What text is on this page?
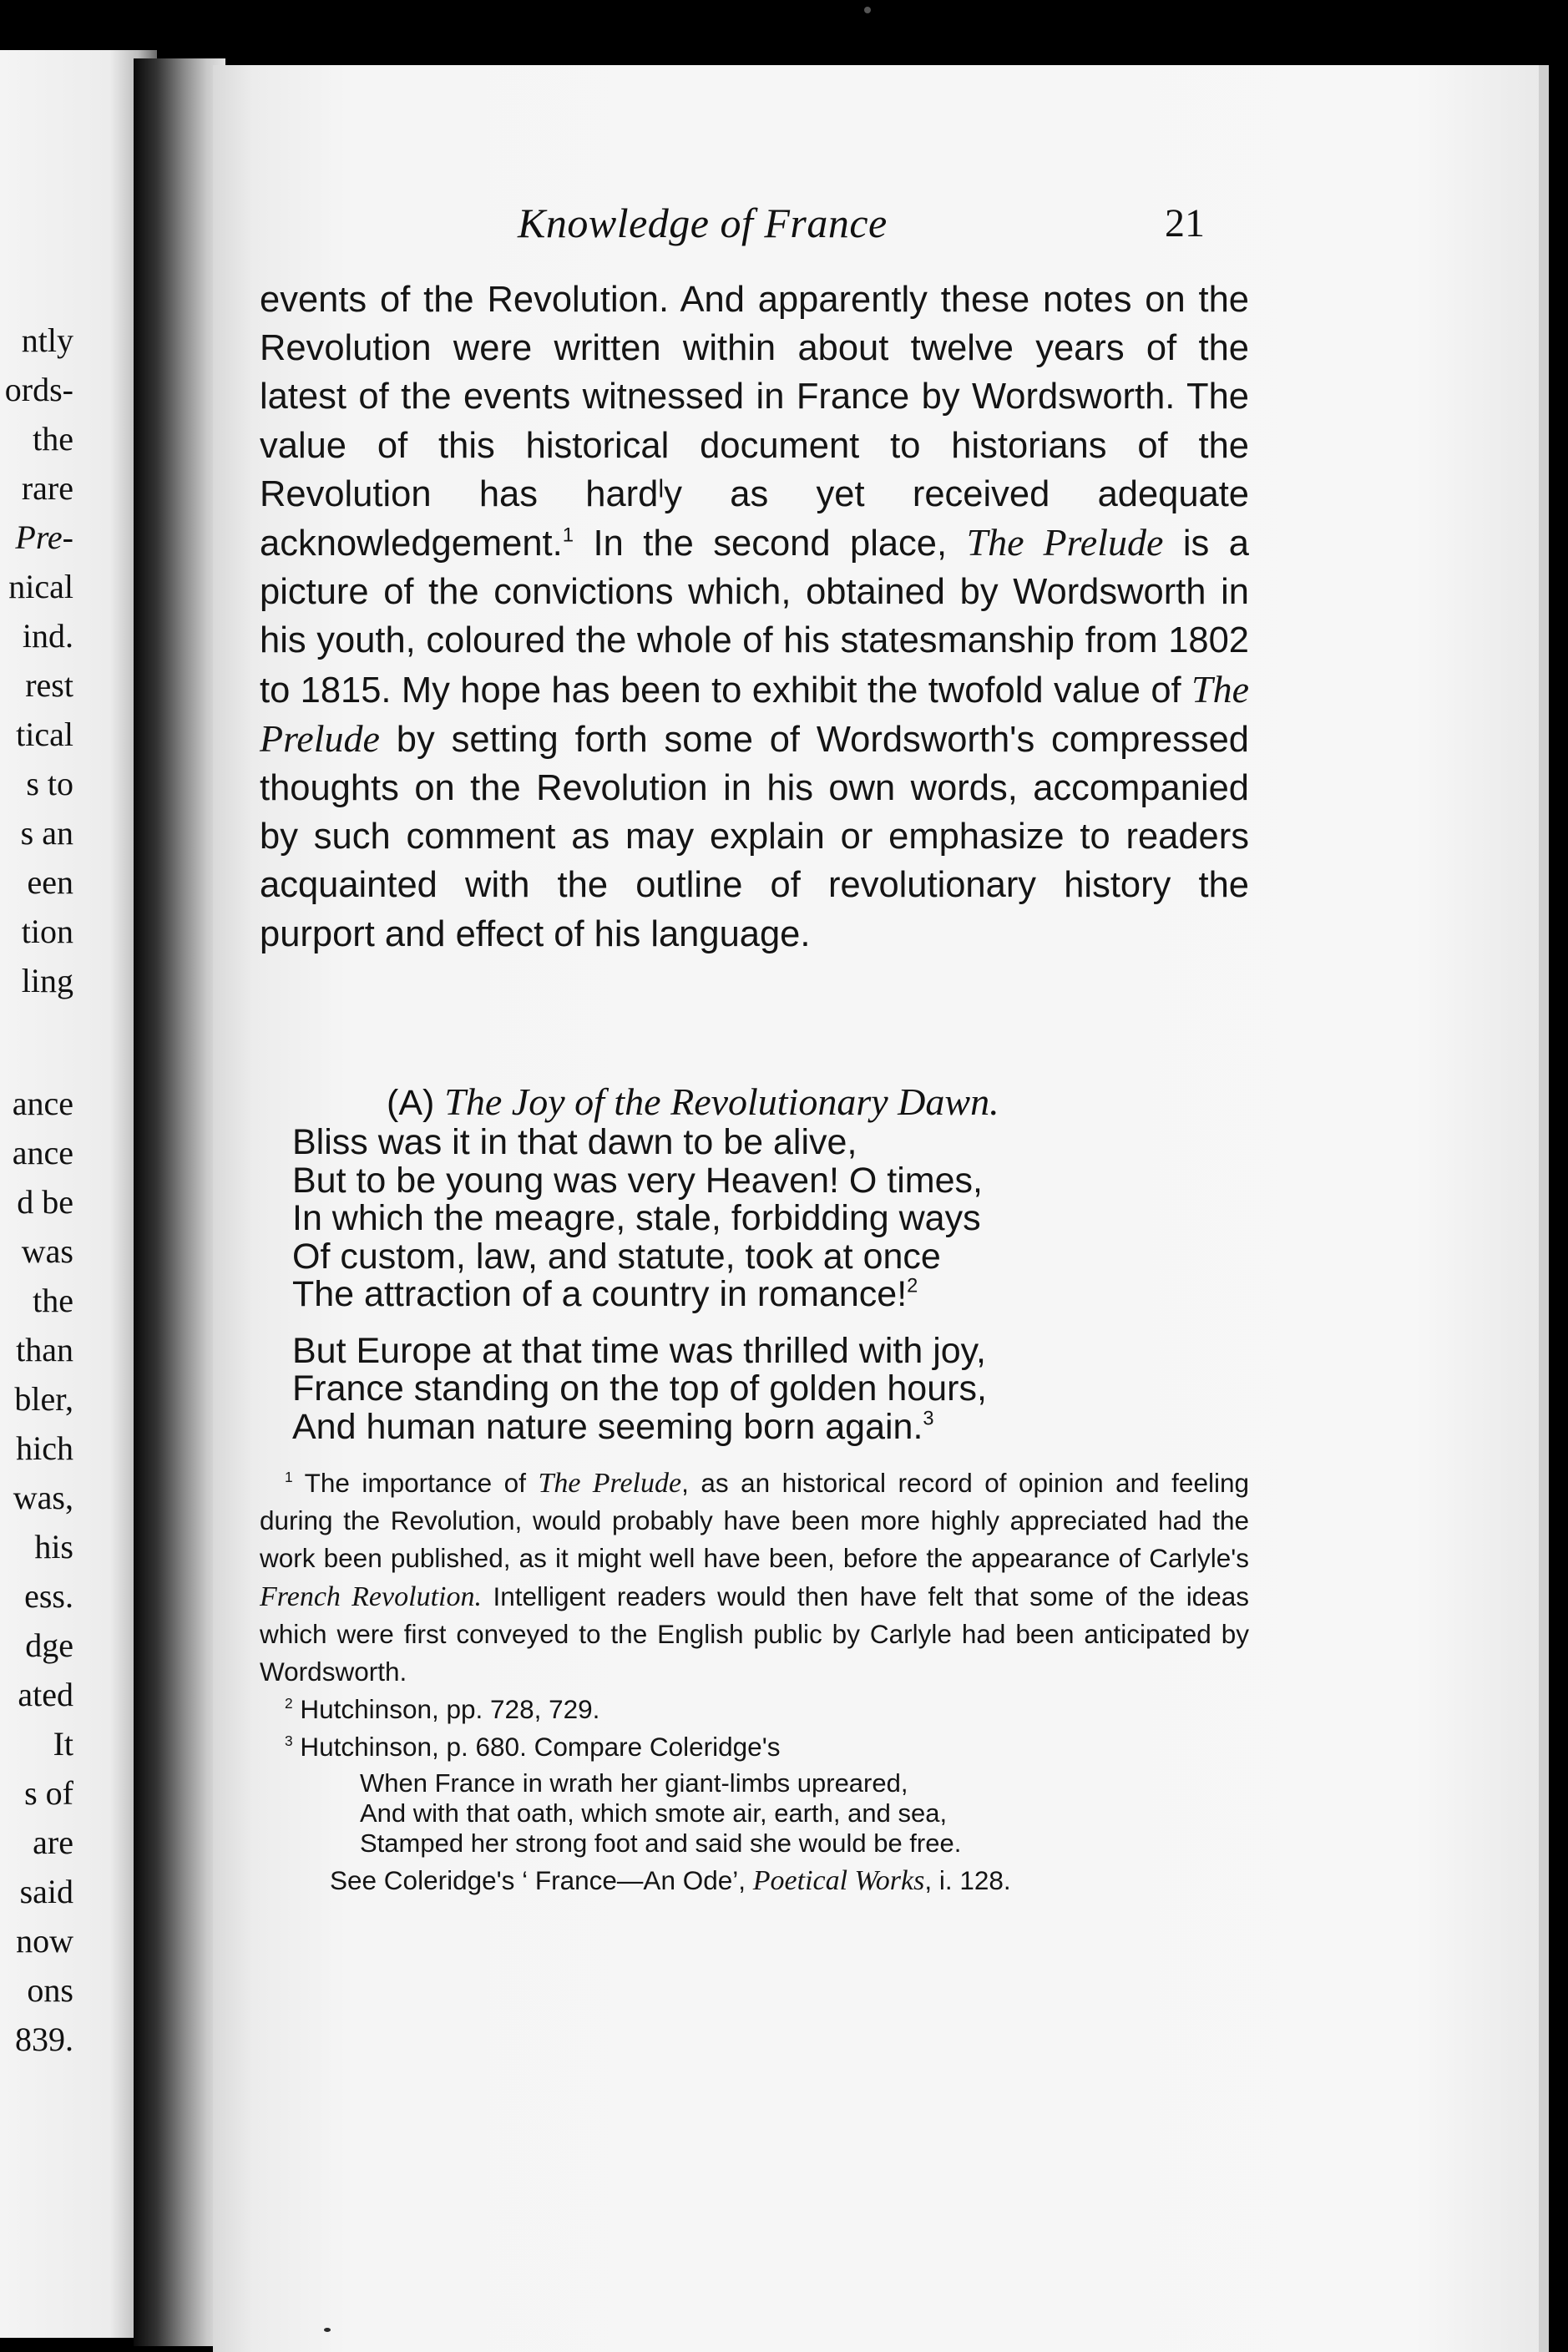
ntly
ords-
the
rare
Pre-
nical
ind.
rest
tical
s to
s an
een
tion
ling
ance
ance
d be
was
the
than
bler,
hich
was,
his
ess.
dge
ated
It
s of
are
said
now
ons
839.
Knowledge of France	21

events of the Revolution. And apparently these notes on the Revolution were written within about twelve years of the latest of the events witnessed in France by Wordsworth. The value of this historical document to historians of the Revolution has hardˡy as yet received adequate acknowledgement.$^1$ In the second place, The Prelude is a picture of the convictions which, obtained by Wordsworth in his youth, coloured the whole of his statesmanship from 1802 to 1815. My hope has been to exhibit the twofold value of The Prelude by setting forth some of Wordsworth's compressed thoughts on the Revolution in his own words, accompanied by such comment as may explain or emphasize to readers acquainted with the outline of revolutionary history the purport and effect of his language.

(A) The Joy of the Revolutionary Dawn.
Bliss was it in that dawn to be alive,
But to be young was very Heaven! O times,
In which the meagre, stale, forbidding ways
Of custom, law, and statute, took at once
The attraction of a country in romance!$^2$
But Europe at that time was thrilled with joy,
France standing on the top of golden hours,
And human nature seeming born again.$^3$

$^1$ The importance of The Prelude, as an historical record of opinion and feeling during the Revolution, would probably have been more highly appreciated had the work been published, as it might well have been, before the appearance of Carlyle's French Revolution. Intelligent readers would then have felt that some of the ideas which were first conveyed to the English public by Carlyle had been anticipated by Wordsworth.

$^2$ Hutchinson, pp. 728, 729.
$^3$ Hutchinson, p. 680. Compare Coleridge's
When France in wrath her giant-limbs upreared,
And with that oath, which smote air, earth, and sea,
Stamped her strong foot and said she would be free.
See Coleridge's ‘ France—An Ode’, Poetical Works, i. 128.
